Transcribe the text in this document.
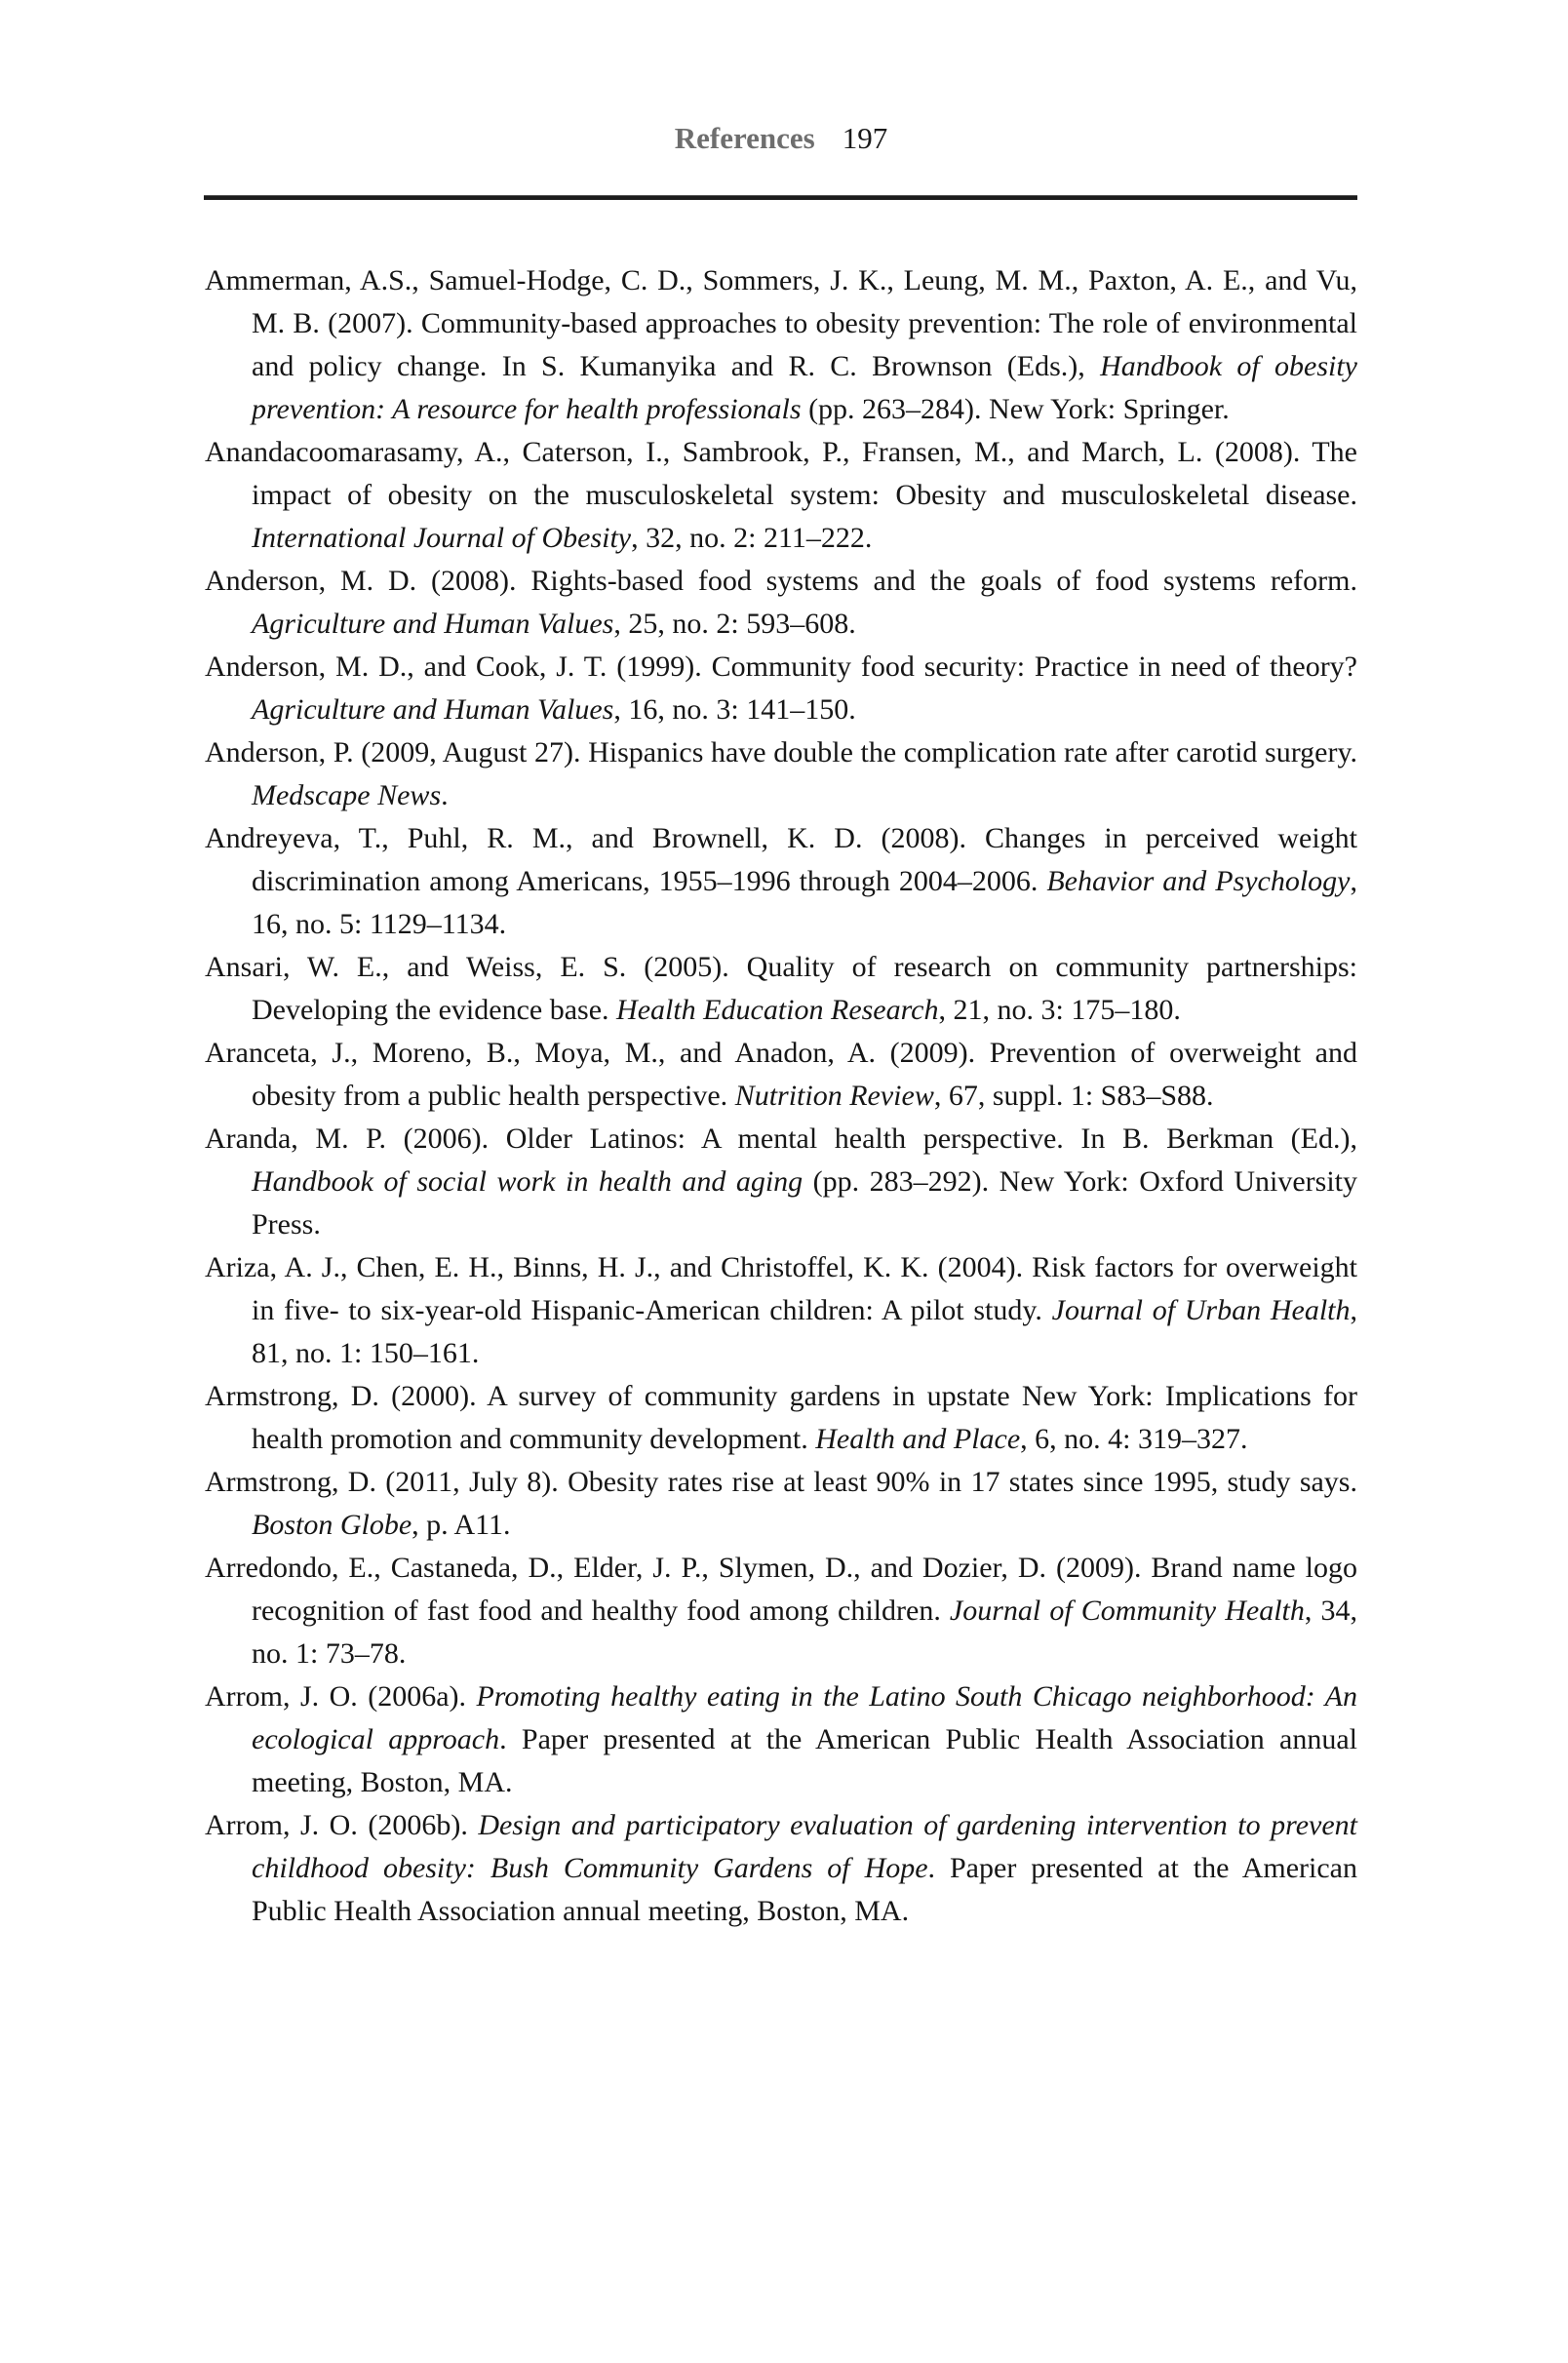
References 197

Ammerman, A.S., Samuel-Hodge, C. D., Sommers, J. K., Leung, M. M., Paxton, A. E., and Vu, M. B. (2007). Community-based approaches to obesity prevention: The role of environmental and policy change. In S. Kumanyika and R. C. Brownson (Eds.), Handbook of obesity prevention: A resource for health professionals (pp. 263–284). New York: Springer.

Anandacoomarasamy, A., Caterson, I., Sambrook, P., Fransen, M., and March, L. (2008). The impact of obesity on the musculoskeletal system: Obesity and musculoskeletal disease. International Journal of Obesity, 32, no. 2: 211–222.

Anderson, M. D. (2008). Rights-based food systems and the goals of food systems reform. Agriculture and Human Values, 25, no. 2: 593–608.

Anderson, M. D., and Cook, J. T. (1999). Community food security: Practice in need of theory? Agriculture and Human Values, 16, no. 3: 141–150.

Anderson, P. (2009, August 27). Hispanics have double the complication rate after carotid surgery. Medscape News.

Andreyeva, T., Puhl, R. M., and Brownell, K. D. (2008). Changes in perceived weight discrimination among Americans, 1955–1996 through 2004–2006. Behavior and Psychology, 16, no. 5: 1129–1134.

Ansari, W. E., and Weiss, E. S. (2005). Quality of research on community partnerships: Developing the evidence base. Health Education Research, 21, no. 3: 175–180.

Aranceta, J., Moreno, B., Moya, M., and Anadon, A. (2009). Prevention of overweight and obesity from a public health perspective. Nutrition Review, 67, suppl. 1: S83–S88.

Aranda, M. P. (2006). Older Latinos: A mental health perspective. In B. Berkman (Ed.), Handbook of social work in health and aging (pp. 283–292). New York: Oxford University Press.

Ariza, A. J., Chen, E. H., Binns, H. J., and Christoffel, K. K. (2004). Risk factors for overweight in five- to six-year-old Hispanic-American children: A pilot study. Journal of Urban Health, 81, no. 1: 150–161.

Armstrong, D. (2000). A survey of community gardens in upstate New York: Implications for health promotion and community development. Health and Place, 6, no. 4: 319–327.

Armstrong, D. (2011, July 8). Obesity rates rise at least 90% in 17 states since 1995, study says. Boston Globe, p. A11.

Arredondo, E., Castaneda, D., Elder, J. P., Slymen, D., and Dozier, D. (2009). Brand name logo recognition of fast food and healthy food among children. Journal of Community Health, 34, no. 1: 73–78.

Arrom, J. O. (2006a). Promoting healthy eating in the Latino South Chicago neighborhood: An ecological approach. Paper presented at the American Public Health Association annual meeting, Boston, MA.

Arrom, J. O. (2006b). Design and participatory evaluation of gardening intervention to prevent childhood obesity: Bush Community Gardens of Hope. Paper presented at the American Public Health Association annual meeting, Boston, MA.
